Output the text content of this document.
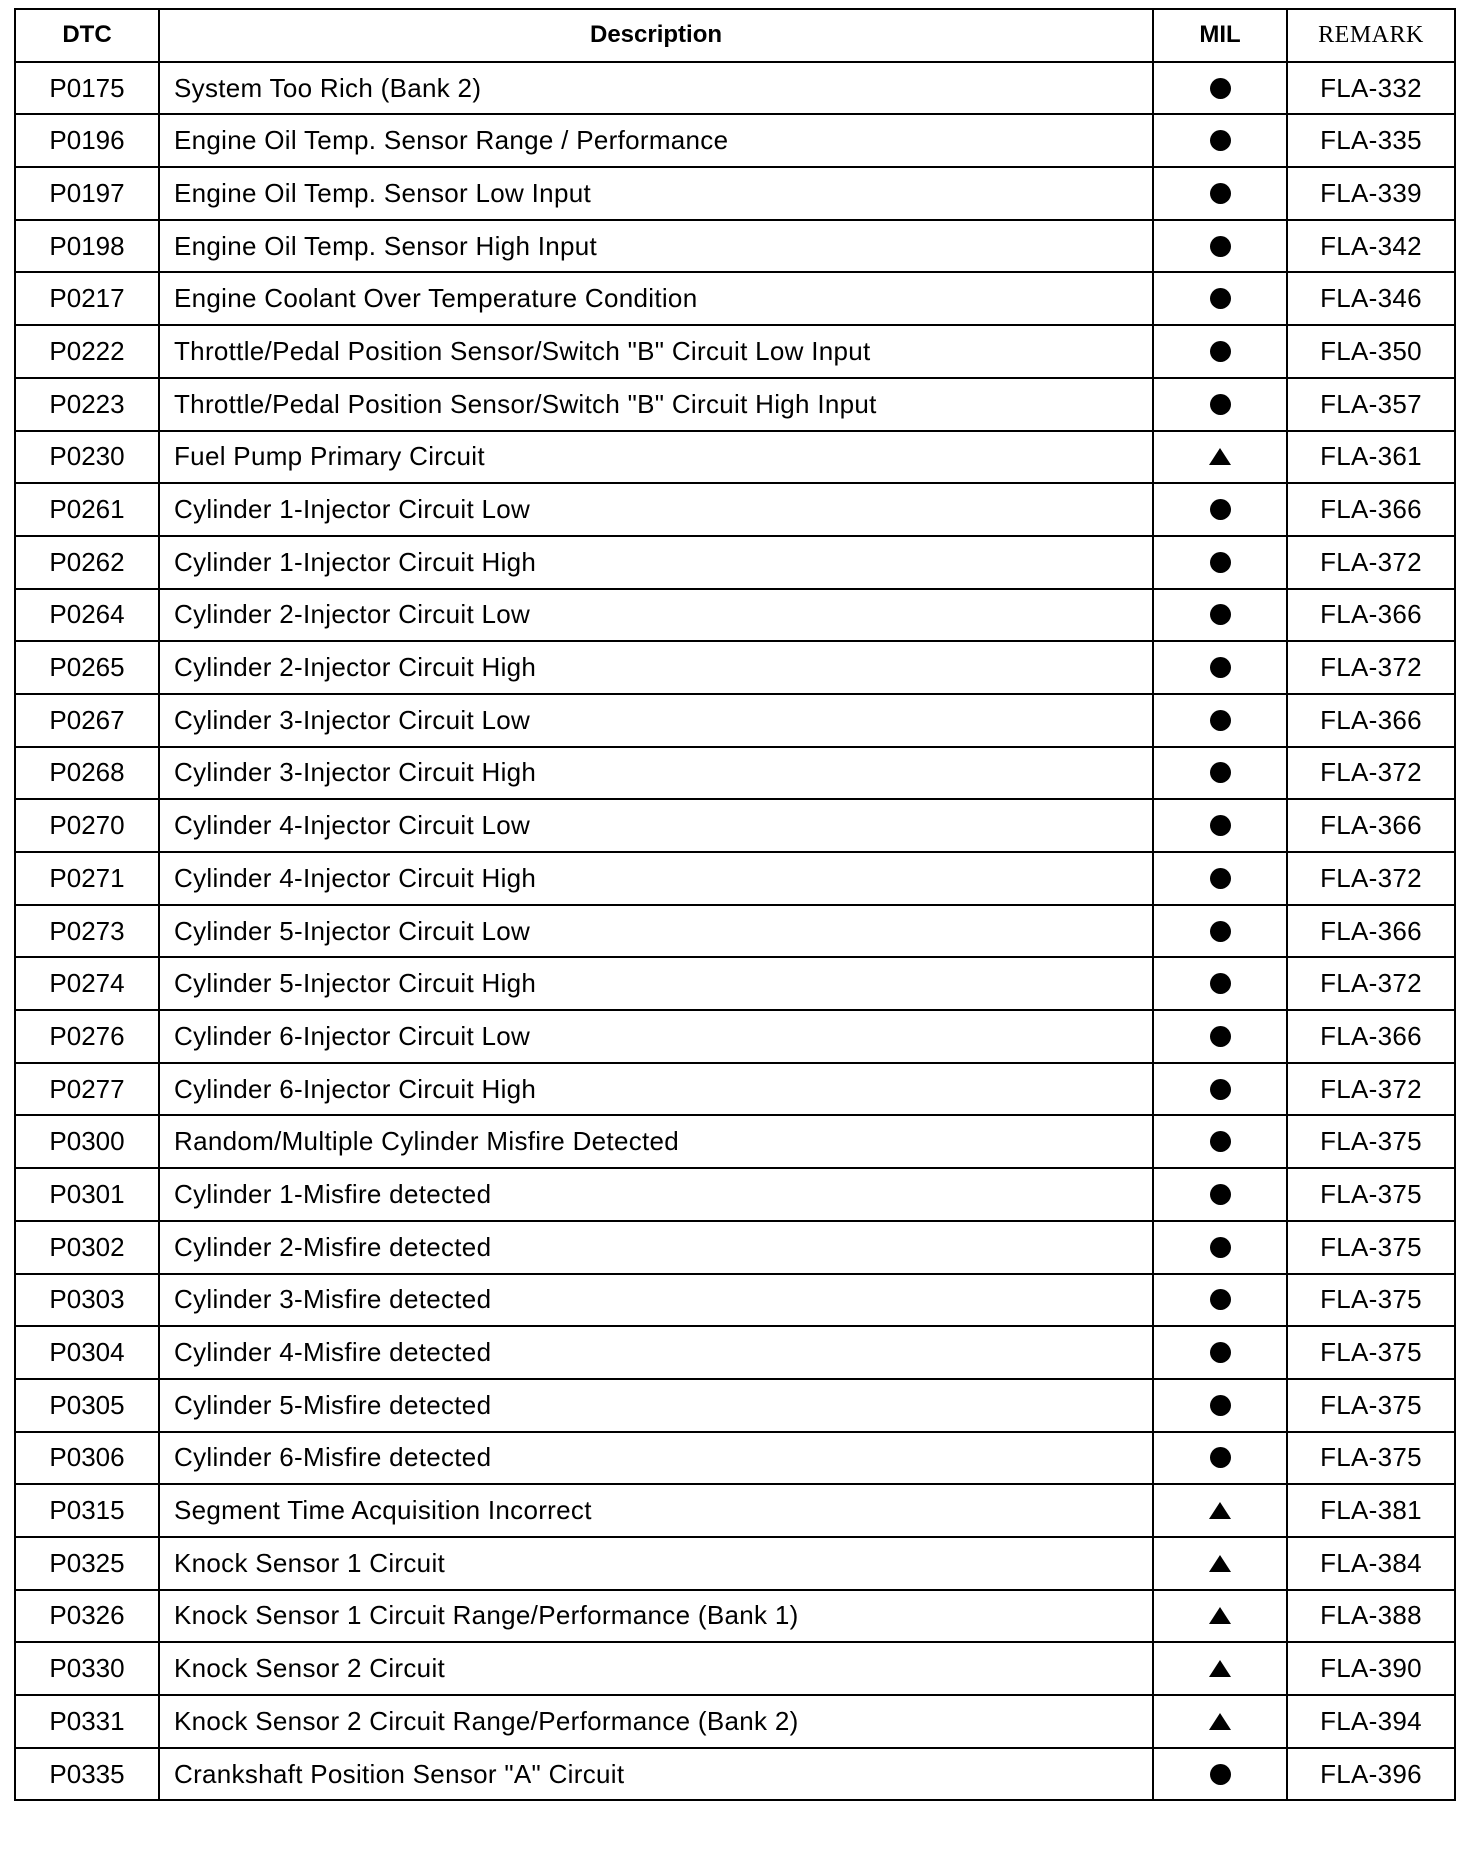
DTC	Description	MIL	REMARK
P0175	System Too Rich (Bank 2)		FLA-332
P0196	Engine Oil Temp. Sensor Range / Performance		FLA-335
P0197	Engine Oil Temp. Sensor Low Input		FLA-339
P0198	Engine Oil Temp. Sensor High Input		FLA-342
P0217	Engine Coolant Over Temperature Condition		FLA-346
P0222	Throttle/Pedal Position Sensor/Switch "B" Circuit Low Input		FLA-350
P0223	Throttle/Pedal Position Sensor/Switch "B" Circuit High Input		FLA-357
P0230	Fuel Pump Primary Circuit		FLA-361
P0261	Cylinder 1-Injector Circuit Low		FLA-366
P0262	Cylinder 1-Injector Circuit High		FLA-372
P0264	Cylinder 2-Injector Circuit Low		FLA-366
P0265	Cylinder 2-Injector Circuit High		FLA-372
P0267	Cylinder 3-Injector Circuit Low		FLA-366
P0268	Cylinder 3-Injector Circuit High		FLA-372
P0270	Cylinder 4-Injector Circuit Low		FLA-366
P0271	Cylinder 4-Injector Circuit High		FLA-372
P0273	Cylinder 5-Injector Circuit Low		FLA-366
P0274	Cylinder 5-Injector Circuit High		FLA-372
P0276	Cylinder 6-Injector Circuit Low		FLA-366
P0277	Cylinder 6-Injector Circuit High		FLA-372
P0300	Random/Multiple Cylinder Misfire Detected		FLA-375
P0301	Cylinder 1-Misfire detected		FLA-375
P0302	Cylinder 2-Misfire detected		FLA-375
P0303	Cylinder 3-Misfire detected		FLA-375
P0304	Cylinder 4-Misfire detected		FLA-375
P0305	Cylinder 5-Misfire detected		FLA-375
P0306	Cylinder 6-Misfire detected		FLA-375
P0315	Segment Time Acquisition Incorrect		FLA-381
P0325	Knock Sensor 1 Circuit		FLA-384
P0326	Knock Sensor 1 Circuit Range/Performance (Bank 1)		FLA-388
P0330	Knock Sensor 2 Circuit		FLA-390
P0331	Knock Sensor 2 Circuit Range/Performance (Bank 2)		FLA-394
P0335	Crankshaft Position Sensor "A" Circuit		FLA-396
